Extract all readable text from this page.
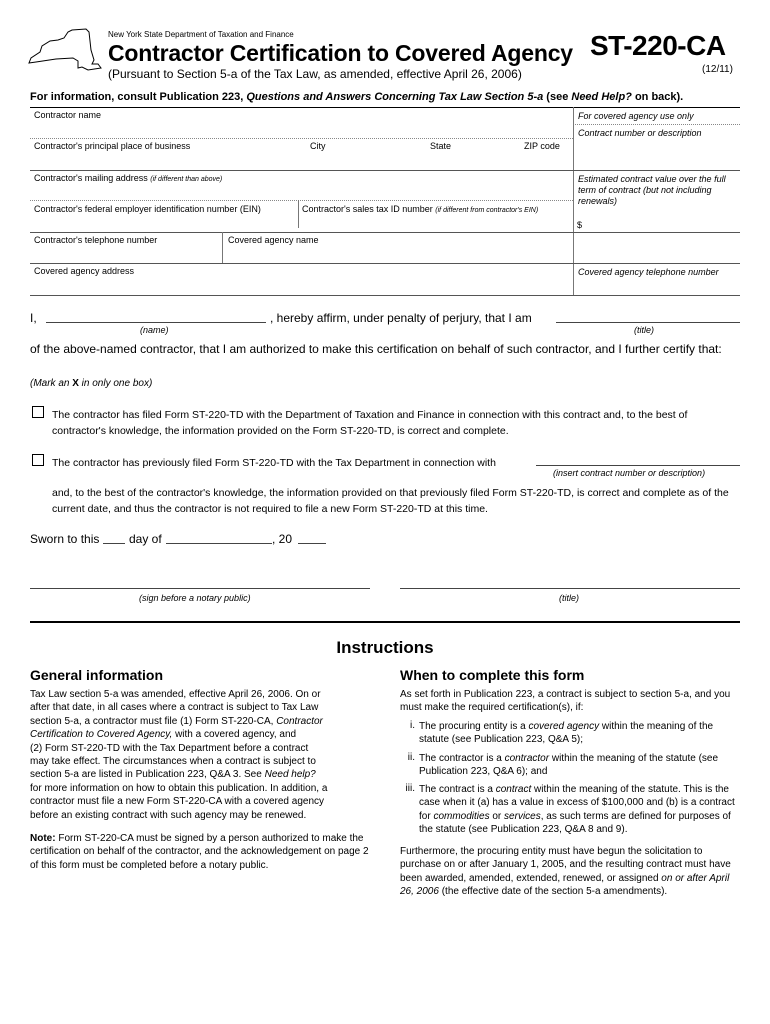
New York State Department of Taxation and Finance
Contractor Certification to Covered Agency
(Pursuant to Section 5-a of the Tax Law, as amended, effective April 26, 2006)
ST-220-CA
(12/11)
For information, consult Publication 223, Questions and Answers Concerning Tax Law Section 5-a (see Need Help? on back).
Contractor name	For covered agency use only
Contract number or description
Contractor's principal place of business	City	State	ZIP code
Contractor's mailing address (if different than above)	Estimated contract value over the full term of contract (but not including renewals)
Contractor's federal employer identification number (EIN)	Contractor's sales tax ID number (if different from contractor's EIN)
$
Contractor's telephone number	Covered agency name
Covered agency address	Covered agency telephone number
I,
(name)
, hereby affirm, under penalty of perjury, that I am
(title)
of the above-named contractor, that I am authorized to make this certification on behalf of such contractor, and I further certify that:
(Mark an X in only one box)
The contractor has filed Form ST-220-TD with the Department of Taxation and Finance in connection with this contract and, to the best of contractor's knowledge, the information provided on the Form ST-220-TD, is correct and complete.
The contractor has previously filed Form ST-220-TD with the Tax Department in connection with
(insert contract number or description)
and, to the best of the contractor's knowledge, the information provided on that previously filed Form ST-220-TD, is correct and complete as of the current date, and thus the contractor is not required to file a new Form ST-220-TD at this time.
Sworn to this day of	, 20
(sign before a notary public)	(title)
Instructions
General information
Tax Law section 5-a was amended, effective April 26, 2006. On or
after that date, in all cases where a contract is subject to Tax Law
section 5-a, a contractor must file (1) Form ST-220-CA, Contractor
Certification to Covered Agency, with a covered agency, and
(2) Form ST-220-TD with the Tax Department before a contract
may take effect. The circumstances when a contract is subject to
section 5-a are listed in Publication 223, Q&A 3. See Need help?
for more information on how to obtain this publication. In addition, a
contractor must file a new Form ST-220-CA with a covered agency
before an existing contract with such agency may be renewed.
Note: Form ST-220-CA must be signed by a person authorized to make the certification on behalf of the contractor, and the acknowledgement on page 2 of this form must be completed before a notary public.
When to complete this form
As set forth in Publication 223, a contract is subject to section 5-a, and you must make the required certification(s), if:
i. The procuring entity is a covered agency within the meaning of the statute (see Publication 223, Q&A 5);
ii. The contractor is a contractor within the meaning of the statute (see Publication 223, Q&A 6); and
iii. The contract is a contract within the meaning of the statute. This is the case when it (a) has a value in excess of $100,000 and (b) is a contract for commodities or services, as such terms are defined for purposes of the statute (see Publication 223, Q&A 8 and 9).
Furthermore, the procuring entity must have begun the solicitation to purchase on or after January 1, 2005, and the resulting contract must have been awarded, amended, extended, renewed, or assigned on or after April 26, 2006 (the effective date of the section 5-a amendments).
